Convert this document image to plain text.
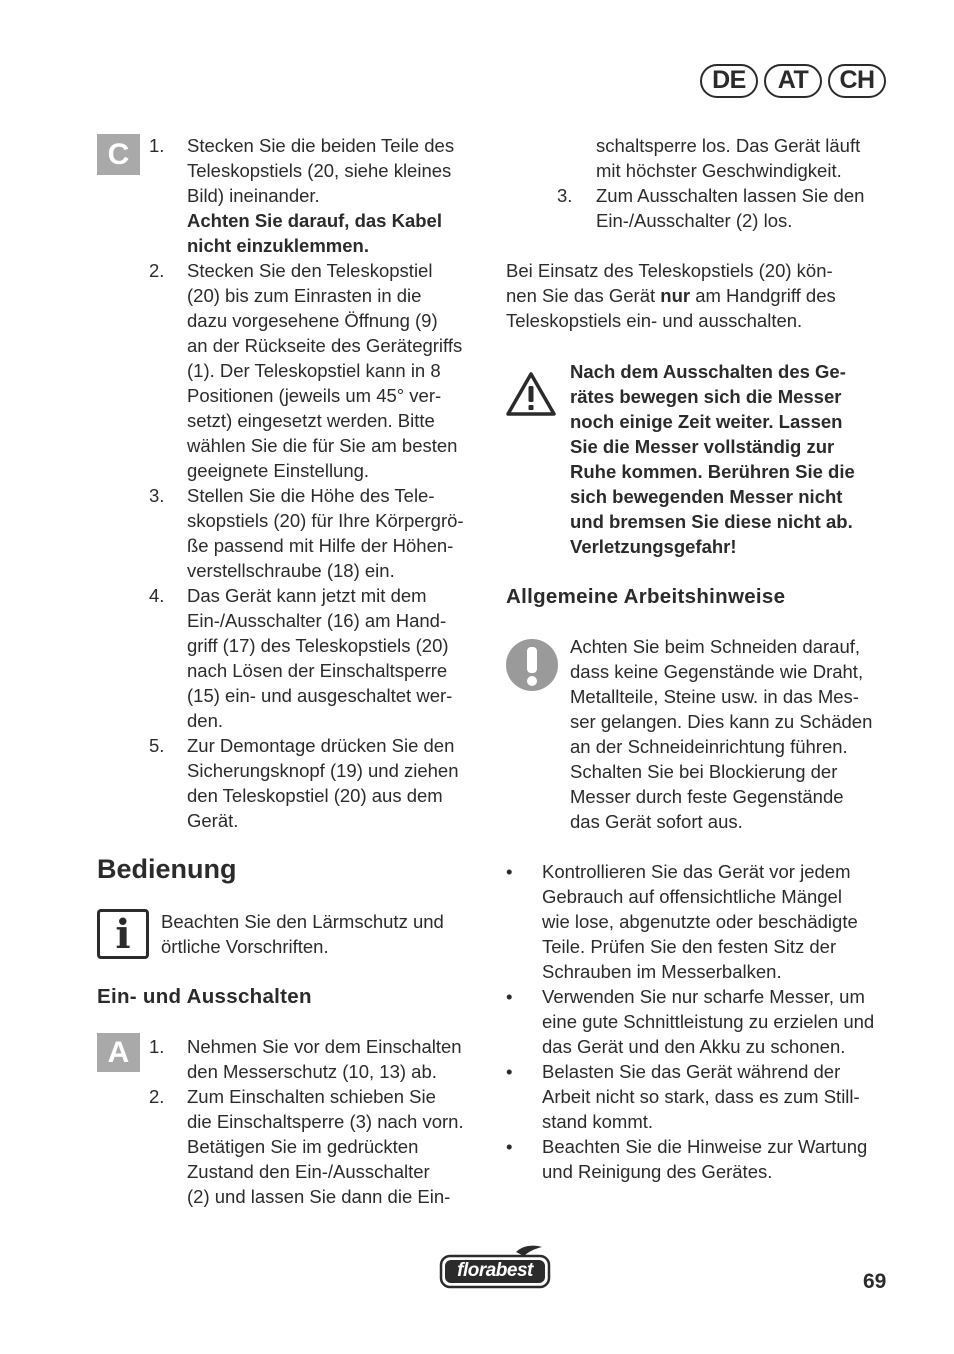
DE	AT	CH
C	1.	Stecken Sie die beiden Teile des
Teleskopstiels (20, siehe kleines
Bild) ineinander.
Achten Sie darauf, das Kabel
nicht einzuklemmen.
2.	Stecken Sie den Teleskopstiel
(20) bis zum Einrasten in die
dazu vorgesehene Öffnung (9)
an der Rückseite des Gerätegriffs
(1). Der Teleskopstiel kann in 8
Positionen (jeweils um 45° ver-
setzt) eingesetzt werden. Bitte
wählen Sie die für Sie am besten
geeignete Einstellung.
3.	Stellen Sie die Höhe des Tele-
skopstiels (20) für Ihre Körpergrö-
ße passend mit Hilfe der Höhen-
verstellschraube (18) ein.
4.	Das Gerät kann jetzt mit dem
Ein-/Ausschalter (16) am Hand-
griff (17) des Teleskopstiels (20)
nach Lösen der Einschaltsperre
(15) ein- und ausgeschaltet wer-
den.
5.	Zur Demontage drücken Sie den
Sicherungsknopf (19) und ziehen
den Teleskopstiel (20) aus dem
Gerät.
Bedienung
i	Beachten Sie den Lärmschutz und
örtliche Vorschriften.
Ein- und Ausschalten
A	1.	Nehmen Sie vor dem Einschalten
den Messerschutz (10, 13) ab.
2.	Zum Einschalten schieben Sie
die Einschaltsperre (3) nach vorn.
Betätigen Sie im gedrückten
Zustand den Ein-/Ausschalter
(2) und lassen Sie dann die Ein-
schaltsperre los. Das Gerät läuft
mit höchster Geschwindigkeit.
3.	Zum Ausschalten lassen Sie den
Ein-/Ausschalter (2) los.
Bei Einsatz des Teleskopstiels (20) kön-
nen Sie das Gerät nur am Handgriff des
Teleskopstiels ein- und ausschalten.
Nach dem Ausschalten des Ge-
rätes bewegen sich die Messer
noch einige Zeit weiter. Lassen
Sie die Messer vollständig zur
Ruhe kommen. Berühren Sie die
sich bewegenden Messer nicht
und bremsen Sie diese nicht ab.
Verletzungsgefahr!
Allgemeine Arbeitshinweise
Achten Sie beim Schneiden darauf,
dass keine Gegenstände wie Draht,
Metallteile, Steine usw. in das Mes-
ser gelangen. Dies kann zu Schäden
an der Schneideinrichtung führen.
Schalten Sie bei Blockierung der
Messer durch feste Gegenstände
das Gerät sofort aus.
•	Kontrollieren Sie das Gerät vor jedem
Gebrauch auf offensichtliche Mängel
wie lose, abgenutzte oder beschädigte
Teile. Prüfen Sie den festen Sitz der
Schrauben im Messerbalken.
•	Verwenden Sie nur scharfe Messer, um
eine gute Schnittleistung zu erzielen und
das Gerät und den Akku zu schonen.
•	Belasten Sie das Gerät während der
Arbeit nicht so stark, dass es zum Still-
stand kommt.
•	Beachten Sie die Hinweise zur Wartung
und Reinigung des Gerätes.
florabest	69
